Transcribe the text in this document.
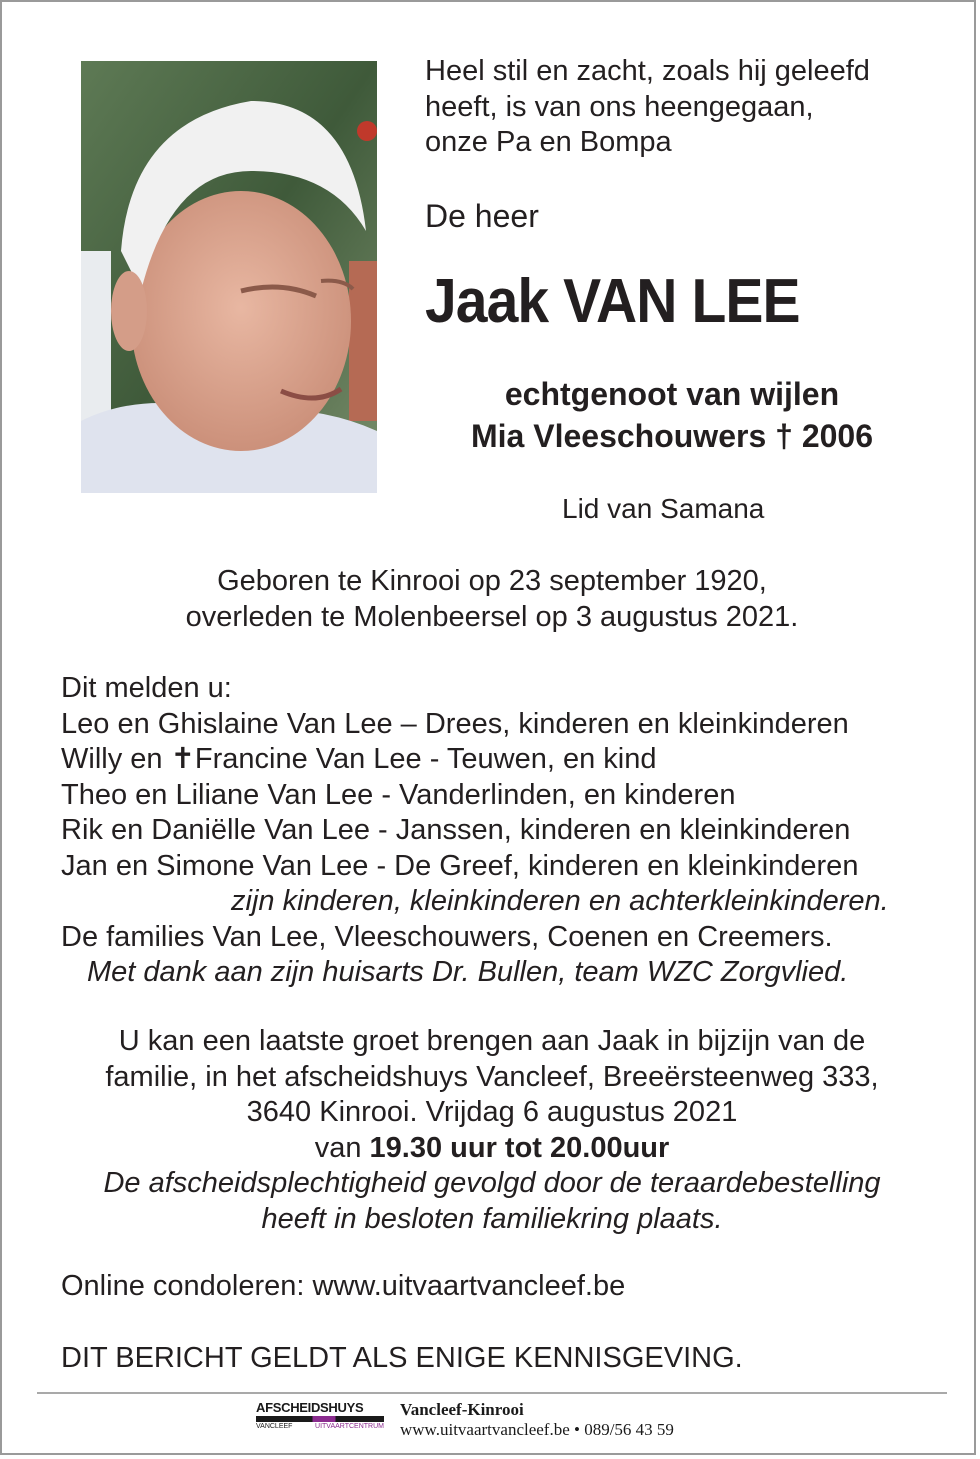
Heel stil en zacht, zoals hij geleefd
heeft, is van ons heengegaan,
onze Pa en Bompa
De heer
Jaak VAN LEE
echtgenoot van wijlen
Mia Vleeschouwers † 2006
Lid van Samana
Geboren te Kinrooi op 23 september 1920,
overleden te Molenbeersel op 3 augustus 2021.
Dit melden u:
Leo en Ghislaine Van Lee – Drees, kinderen en kleinkinderen
Willy en ✝Francine Van Lee - Teuwen, en kind
Theo en Liliane Van Lee - Vanderlinden, en kinderen
Rik en Daniëlle Van Lee - Janssen, kinderen en kleinkinderen
Jan en Simone Van Lee - De Greef, kinderen en kleinkinderen
zijn kinderen, kleinkinderen en achterkleinkinderen.
De families Van Lee, Vleeschouwers, Coenen en Creemers.
Met dank aan zijn huisarts Dr. Bullen, team WZC Zorgvlied.
U kan een laatste groet brengen aan Jaak in bijzijn van de
familie, in het afscheidshuys Vancleef, Breeërsteenweg 333,
3640 Kinrooi. Vrijdag 6 augustus 2021
van 19.30 uur tot 20.00uur
De afscheidsplechtigheid gevolgd door de teraardebestelling
heeft in besloten familiekring plaats.
Online condoleren: www.uitvaartvancleef.be
DIT BERICHT GELDT ALS ENIGE KENNISGEVING.
AFSCHEIDSHUYS
VANCLEEF	UITVAARTCENTRUM
Vancleef-Kinrooi
www.uitvaartvancleef.be • 089/56 43 59
